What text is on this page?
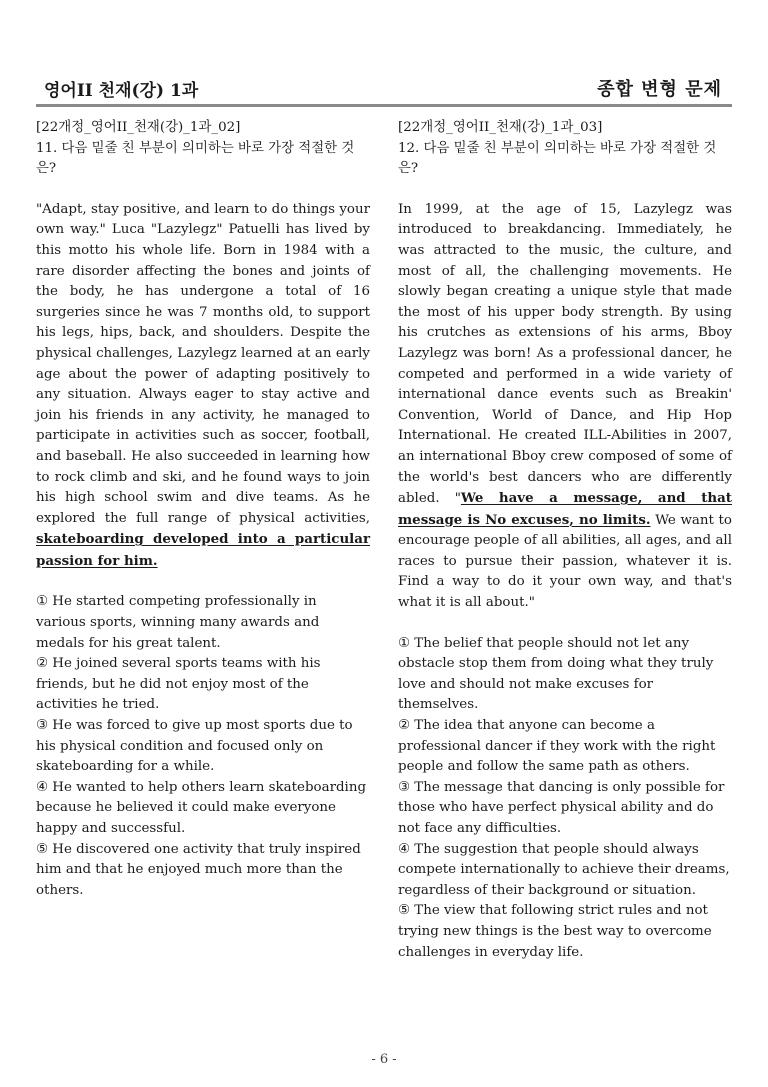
영어II 천재(강) 1과	종합 변형 문제

[22개정_영어II_천재(강)_1과_02]

11. 다음 밑줄 친 부분이 의미하는 바로 가장 적절한 것은?

"Adapt, stay positive, and learn to do things your own way." Luca "Lazylegz" Patuelli has lived by this motto his whole life. Born in 1984 with a rare disorder affecting the bones and joints of the body, he has undergone a total of 16 surgeries since he was 7 months old, to support his legs, hips, back, and shoulders. Despite the physical challenges, Lazylegz learned at an early age about the power of adapting positively to any situation. Always eager to stay active and join his friends in any activity, he managed to participate in activities such as soccer, football, and baseball. He also succeeded in learning how to rock climb and ski, and he found ways to join his high school swim and dive teams. As he explored the full range of physical activities, skateboarding developed into a particular passion for him.

① He started competing professionally in various sports, winning many awards and medals for his great talent.
② He joined several sports teams with his friends, but he did not enjoy most of the activities he tried.
③ He was forced to give up most sports due to his physical condition and focused only on skateboarding for a while.
④ He wanted to help others learn skateboarding because he believed it could make everyone happy and successful.
⑤ He discovered one activity that truly inspired him and that he enjoyed much more than the others.

[22개정_영어II_천재(강)_1과_03]

12. 다음 밑줄 친 부분이 의미하는 바로 가장 적절한 것은?

In 1999, at the age of 15, Lazylegz was introduced to breakdancing. Immediately, he was attracted to the music, the culture, and most of all, the challenging movements. He slowly began creating a unique style that made the most of his upper body strength. By using his crutches as extensions of his arms, Bboy Lazylegz was born! As a professional dancer, he competed and performed in a wide variety of international dance events such as Breakin' Convention, World of Dance, and Hip Hop International. He created ILL-Abilities in 2007, an international Bboy crew composed of some of the world's best dancers who are differently abled. "We have a message, and that message is No excuses, no limits. We want to encourage people of all abilities, all ages, and all races to pursue their passion, whatever it is. Find a way to do it your own way, and that's what it is all about."

① The belief that people should not let any obstacle stop them from doing what they truly love and should not make excuses for themselves.
② The idea that anyone can become a professional dancer if they work with the right people and follow the same path as others.
③ The message that dancing is only possible for those who have perfect physical ability and do not face any difficulties.
④ The suggestion that people should always compete internationally to achieve their dreams, regardless of their background or situation.
⑤ The view that following strict rules and not trying new things is the best way to overcome challenges in everyday life.
- 6 -
